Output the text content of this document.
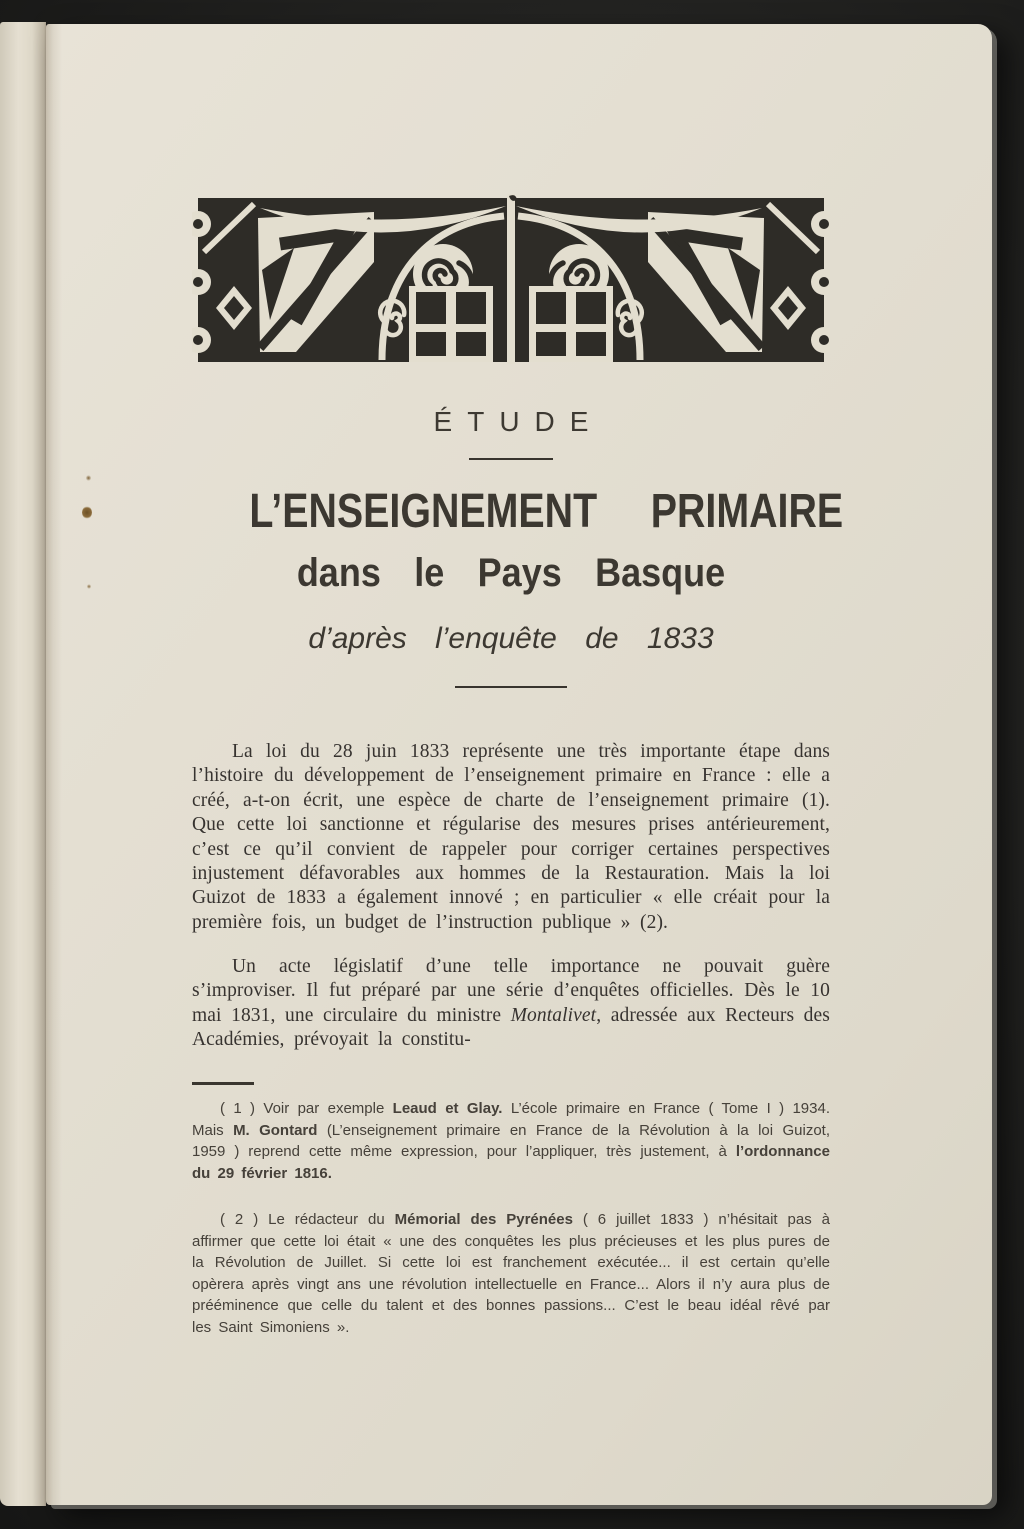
ÉTUDE
L’ENSEIGNEMENT PRIMAIRE
dans le Pays Basque
d’après l’enquête de 1833

La loi du 28 juin 1833 représente une très importante étape dans l’histoire du développement de l’enseignement primaire en France : elle a créé, a-t-on écrit, une espèce de charte de l’enseignement primaire (1). Que cette loi sanctionne et régularise des mesures prises antérieurement, c’est ce qu’il convient de rappeler pour corriger certaines perspectives injustement défavorables aux hommes de la Restauration. Mais la loi Guizot de 1833 a également innové ; en particulier « elle créait pour la première fois, un budget de l’instruction publique » (2).

Un acte législatif d’une telle importance ne pouvait guère s’improviser. Il fut préparé par une série d’enquêtes officielles. Dès le 10 mai 1831, une circulaire du ministre Montalivet, adressée aux Recteurs des Académies, prévoyait la constitu-

( 1 ) Voir par exemple Leaud et Glay. L’école primaire en France ( Tome I ) 1934. Mais M. Gontard (L’enseignement primaire en France de la Révolution à la loi Guizot, 1959 ) reprend cette même expression, pour l’appliquer, très justement, à l’ordonnance du 29 février 1816.

( 2 ) Le rédacteur du Mémorial des Pyrénées ( 6 juillet 1833 ) n’hésitait pas à affirmer que cette loi était « une des conquêtes les plus précieuses et les plus pures de la Révolution de Juillet. Si cette loi est franchement exécutée... il est certain qu’elle opèrera après vingt ans une révolution intellectuelle en France... Alors il n’y aura plus de prééminence que celle du talent et des bonnes passions... C’est le beau idéal rêvé par les Saint Simoniens ».
